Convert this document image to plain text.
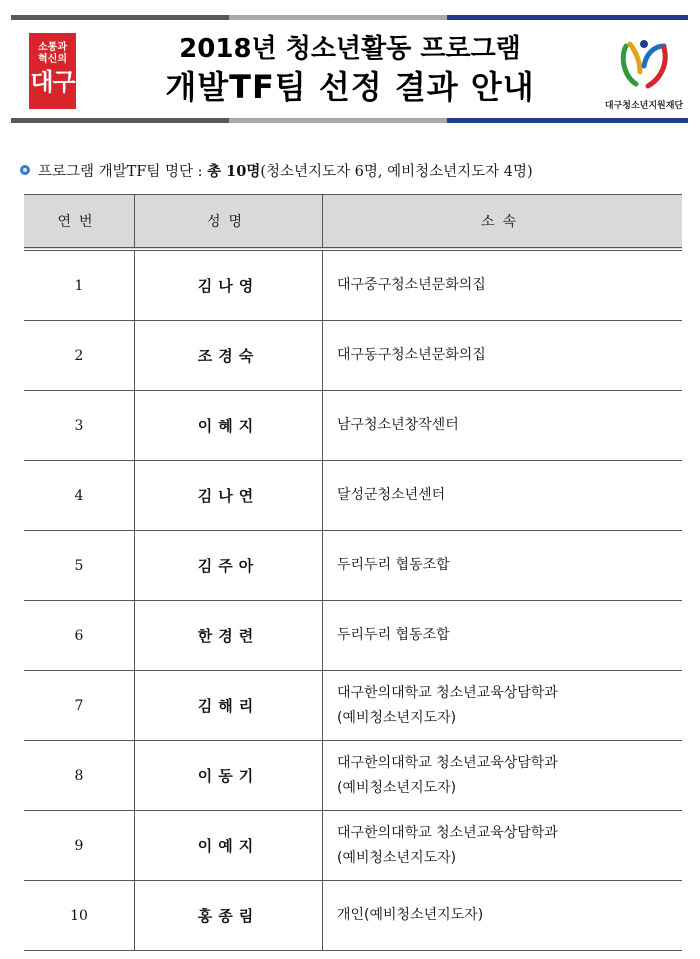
소통과
혁신의
대구
2018년 청소년활동 프로그램
개발TF팀 선정 결과 안내	대구청소년지원재단
프로그램 개발TF팀 명단 : 총 10명(청소년지도자 6명, 예비청소년지도자 4명)
연번	성명	소속
1	김나영	대구중구청소년문화의집

2	조경숙	대구동구청소년문화의집

3	이혜지	남구청소년창작센터

4	김나연	달성군청소년센터

5	김주아	두리두리 협동조합

6	한경련	두리두리 협동조합

7	김해리	대구한의대학교 청소년교육상담학과
(예비청소년지도자)

8	이동기	대구한의대학교 청소년교육상담학과
(예비청소년지도자)

9	이예지	대구한의대학교 청소년교육상담학과
(예비청소년지도자)

10	홍종림	개인(예비청소년지도자)
